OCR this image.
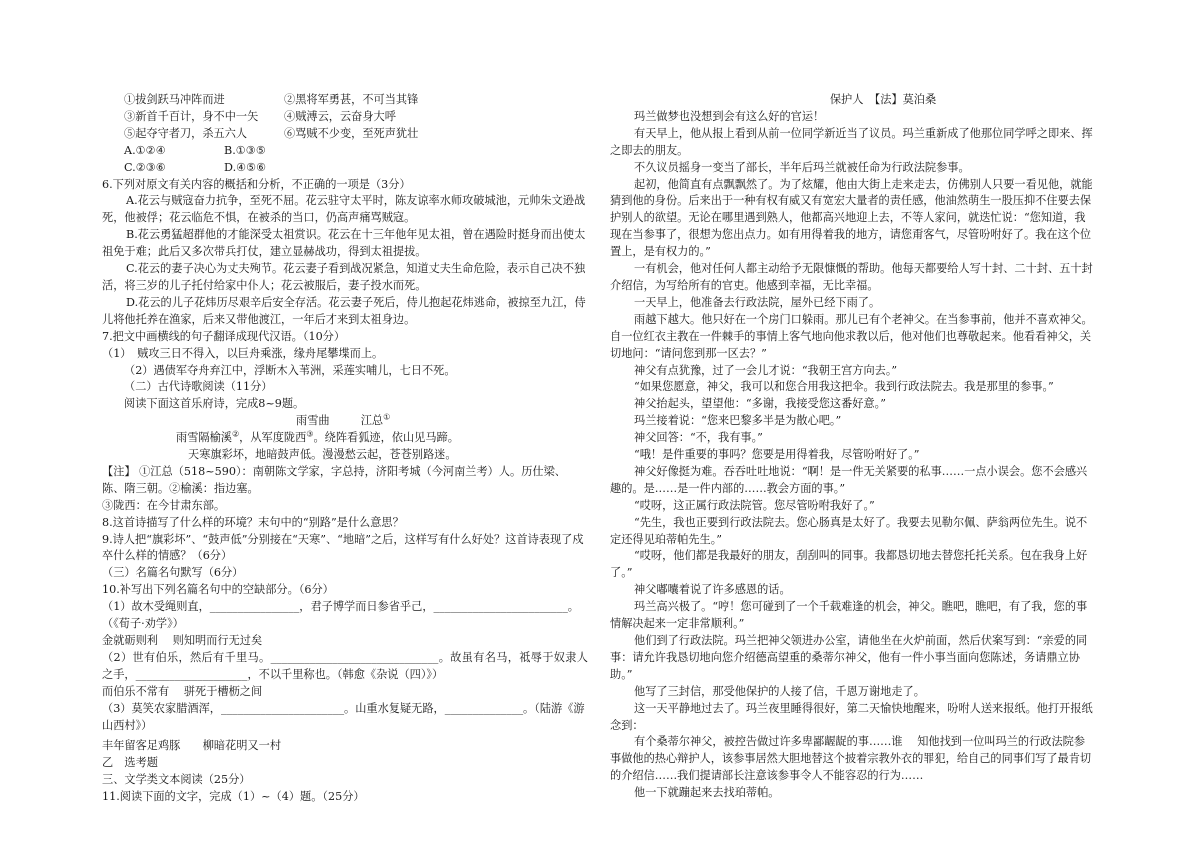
①拔剑跃马冲阵而进	②黑将军勇甚，不可当其锋
③新首千百计，身不中一矢	④贼溥云，云奋身大呼
⑤起夺守者刀，杀五六人	⑥骂贼不少变，至死声犹壮
A.①②④	B.①③⑤
C.②③⑥	D.④⑤⑥
6.下列对原文有关内容的概括和分析，不正确的一项是（3分）
A.花云与贼寇奋力抗争，至死不屈。花云驻守太平时，陈友谅率水师攻破城池，元帅朱文逊战死，他被俘；花云临危不惧，在被杀的当口，仍高声痛骂贼寇。
B.花云勇猛超群他的才能深受太祖赏识。花云在十三年他年见太祖，曾在遇险时挺身而出使太祖免于难；此后又多次带兵打仗，建立显赫战功，得到太祖提拔。
C.花云的妻子决心为丈夫殉节。花云妻子看到战况紧急，知道丈夫生命危险，表示自己决不独活，将三岁的儿子托付给家中仆人；花云被服后，妻子投水而死。
D.花云的儿子花炜历尽艰辛后安全存活。花云妻子死后，侍儿抱起花炜逃命，被掠至九江，侍儿将他托养在渔家，后来又带他渡江，一年后才来到太祖身边。
7.把文中画横线的句子翻译成现代汉语。（10分）
（1）　贼攻三日不得入，以巨舟乘涨，缘舟尾攀堞而上。
（2）遇债军夺舟弃江中，浮断木入苇洲，采莲实哺儿，七日不死。
（二）古代诗歌阅读（11分）
阅读下面这首乐府诗，完成8~9题。
雨雪曲	江总①
雨雪隔榆溪②，从军度陇西③。绕阵看狐迹，依山见马蹄。
天寒旗彩坏，地暗鼓声低。漫漫愁云起，苍苍别路迷。
【注】 ①江总（518~590）：南朝陈文学家，字总持，济阳考城（今河南兰考）人。历仕梁、陈、隋三朝。②榆溪：指边塞。
③陇西：在今甘肃东部。
8.这首诗描写了什么样的环境？末句中的“别路”是什么意思？
9.诗人把“旗彩坏”、“鼓声低”分别接在“天寒”、“地暗”之后，这样写有什么好处？这首诗表现了戍卒什么样的情感？（6分）
（三）名篇名句默写（6分）
10.补写出下列名篇名句中的空缺部分。（6分）
（1）故木受绳则直，________________，君子博学而日参省乎己，________________________。（《荀子·劝学》）
金就砺则利　 则知明而行无过矣
（2）世有伯乐，然后有千里马。______________________________。故虽有名马，祗辱于奴隶人之手，____________________，不以千里称也。（韩愈《杂说（四）》）
而伯乐不常有　 骈死于槽枥之间
（3）莫笑农家腊酒浑，______________________。山重水复疑无路，______________。（陆游《游山西村》）
丰年留客足鸡豚　　柳暗花明又一村
乙　选考题
三、文学类文本阅读（25分）
11.阅读下面的文字，完成（1）~（4）题。（25分）
保护人　【法】莫泊桑
玛兰做梦也没想到会有这么好的官运！
有天早上，他从报上看到从前一位同学新近当了议员。玛兰重新成了他那位同学呼之即来、挥之即去的朋友。
不久议员摇身一变当了部长，半年后玛兰就被任命为行政法院参事。
起初，他简直有点飘飘然了。为了炫耀，他由大街上走来走去，仿佛别人只要一看见他，就能猜到他的身份。后来出于一种有权有威又有宽宏大量者的责任感，他油然萌生一股压抑不住要去保护别人的欲望。无论在哪里遇到熟人，他都高兴地迎上去，不等人家问，就迭忙说：“您知道，我现在当参事了，很想为您出点力。如有用得着我的地方，请您甭客气，尽管吩咐好了。我在这个位置上，是有权力的。”
一有机会，他对任何人都主动给予无限慷慨的帮助。他每天都要给人写十封、二十封、五十封介绍信，为写给所有的官吏。他感到幸福，无比幸福。
一天早上，他准备去行政法院，屋外已经下雨了。
雨越下越大。他只好在一个房门口躲雨。那儿已有个老神父。在当参事前，他并不喜欢神父。自一位红衣主教在一件棘手的事情上客气地向他求教以后，他对他们也尊敬起来。他看看神父，关切地问：“请问您到那一区去？”
神父有点犹豫，过了一会儿才说：“我朝王宫方向去。”
“如果您愿意，神父，我可以和您合用我这把伞。我到行政法院去。我是那里的参事。”
神父抬起头，望望他：“多谢，我接受您这番好意。”
玛兰接着说：“您来巴黎多半是为散心吧。”
神父回答：“不，我有事。”
“哦！是件重要的事吗？您要是用得着我，尽管吩咐好了。”
神父好像挺为难。吞吞吐吐地说：“啊！是一件无关紧要的私事……一点小误会。您不会感兴趣的。是……是一件内部的……教会方面的事。”
“哎呀，这正属行政法院管。您尽管吩咐我好了。”
“先生，我也正要到行政法院去。您心肠真是太好了。我要去见勒尔佩、萨翁两位先生。说不定还得见珀蒂帕先生。”
“哎呀，他们都是我最好的朋友，刮刮叫的同事。我都恳切地去替您托托关系。包在我身上好了。”
神父嘟囔着说了许多感恩的话。
玛兰高兴极了。“哼！您可碰到了一个千载难逢的机会，神父。瞧吧，瞧吧，有了我，您的事情解决起来一定非常顺利。”
他们到了行政法院。玛兰把神父领进办公室，请他坐在火炉前面，然后伏案写到：“亲爱的同事：请允许我恳切地向您介绍德高望重的桑蒂尔神父，他有一件小事当面向您陈述，务请鼎立协助。”
他写了三封信，那受他保护的人接了信，千恩万谢地走了。
这一天平静地过去了。玛兰夜里睡得很好，第二天愉快地醒来，吩咐人送来报纸。他打开报纸念到：
有个桑蒂尔神父，被控告做过许多卑鄙龌龊的事……谁　 知他找到一位叫玛兰的行政法院参事做他的热心辩护人，该参事居然大胆地替这个披着宗教外衣的罪犯，给自己的同事们写了最肯切的介绍信……我们提请部长注意该参事令人不能容忍的行为……
他一下就蹦起来去找珀蒂帕。
